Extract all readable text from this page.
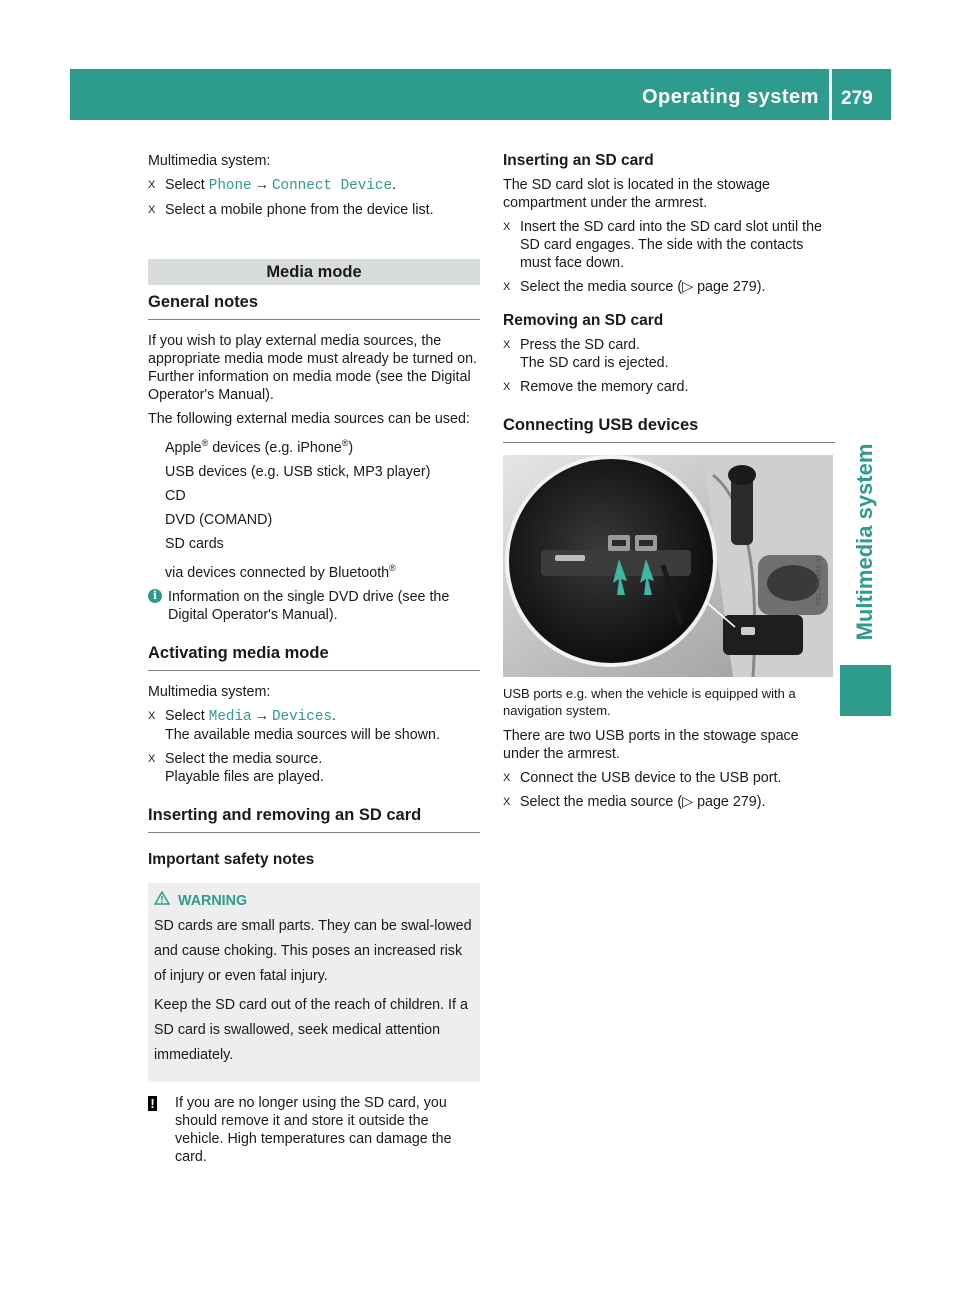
Operating system 279
Multimedia system

Multimedia system:

X Select Phone → Connect Device.
X Select a mobile phone from the device list.
Media mode
General notes

If you wish to play external media sources, the appropriate media mode must already be turned on. Further information on media mode (see the Digital Operator's Manual).

The following external media sources can be used:

Apple® devices (e.g. iPhone®)
USB devices (e.g. USB stick, MP3 player)
CD
DVD (COMAND)
SD cards
via devices connected by Bluetooth®
i Information on the single DVD drive (see the Digital Operator's Manual).
Activating media mode

Multimedia system:

X Select Media → Devices.
The available media sources will be shown.
X Select the media source.
Playable files are played.
Inserting and removing an SD card
Important safety notes
WARNING

SD cards are small parts. They can be swal-lowed and cause choking. This poses an increased risk of injury or even fatal injury.

Keep the SD card out of the reach of children. If a SD card is swallowed, seek medical attention immediately.

! If you are no longer using the SD card, you should remove it and store it outside the vehicle. High temperatures can damage the card.
Inserting an SD card

The SD card slot is located in the stowage compartment under the armrest.

X Insert the SD card into the SD card slot until the SD card engages. The side with the contacts must face down.
X Select the media source (▷ page 279).
Removing an SD card
X Press the SD card.
The SD card is ejected.
X Remove the memory card.
Connecting USB devices
P82.10-2848-31

USB ports e.g. when the vehicle is equipped with a navigation system.

There are two USB ports in the stowage space under the armrest.

X Connect the USB device to the USB port.
X Select the media source (▷ page 279).
